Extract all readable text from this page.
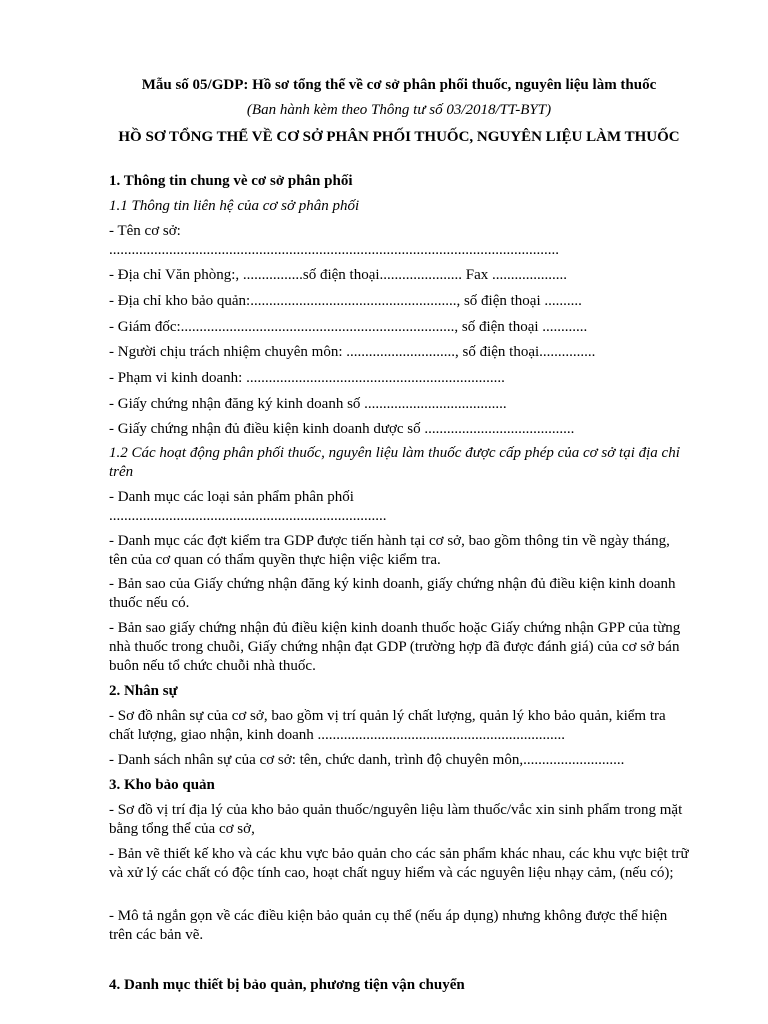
Mẫu số 05/GDP: Hồ sơ tổng thể về cơ sở phân phối thuốc, nguyên liệu làm thuốc

(Ban hành kèm theo Thông tư số 03/2018/TT-BYT)

HỒ SƠ TỔNG THỂ VỀ CƠ SỞ PHÂN PHỐI THUỐC, NGUYÊN LIỆU LÀM THUỐC

1. Thông tin chung vè cơ sở phân phối

1.1 Thông tin liên hệ của cơ sở phân phối

- Tên cơ sở:
........................................................................................................................

- Địa chỉ Văn phòng:, ................số điện thoại...................... Fax ....................

- Địa chỉ kho bảo quản:......................................................., số điện thoại ..........

- Giám đốc:........................................................................., số điện thoại ............

- Người chịu trách nhiệm chuyên môn: ............................., số điện thoại...............

- Phạm vi kinh doanh: .....................................................................

- Giấy chứng nhận đăng ký kinh doanh số ......................................

- Giấy chứng nhận đủ điều kiện kinh doanh dược số ........................................

1.2 Các hoạt động phân phối thuốc, nguyên liệu làm thuốc được cấp phép của cơ sở tại địa chỉ trên

- Danh mục các loại sản phẩm phân phối
..........................................................................

- Danh mục các đợt kiểm tra GDP được tiến hành tại cơ sở, bao gồm thông tin về ngày tháng, tên của cơ quan có thẩm quyền thực hiện việc kiểm tra.

- Bản sao của Giấy chứng nhận đăng ký kinh doanh, giấy chứng nhận đủ điều kiện kinh doanh thuốc nếu có.

- Bản sao giấy chứng nhận đủ điều kiện kinh doanh thuốc hoặc Giấy chứng nhận GPP của từng nhà thuốc trong chuỗi, Giấy chứng nhận đạt GDP (trường hợp đã được đánh giá) của cơ sở bán buôn nếu tổ chức chuỗi nhà thuốc.

2. Nhân sự

- Sơ đồ nhân sự của cơ sở, bao gồm vị trí quản lý chất lượng, quản lý kho bảo quản, kiểm tra chất lượng, giao nhận, kinh doanh ..................................................................

- Danh sách nhân sự của cơ sở: tên, chức danh, trình độ chuyên môn,...........................

3. Kho bảo quản

- Sơ đồ vị trí địa lý của kho bảo quản thuốc/nguyên liệu làm thuốc/vắc xin sinh phẩm trong mặt bằng tổng thể của cơ sở,

- Bản vẽ thiết kế kho và các khu vực bảo quản cho các sản phẩm khác nhau, các khu vực biệt trữ và xử lý các chất có độc tính cao, hoạt chất nguy hiểm và các nguyên liệu nhạy cảm, (nếu có);

- Mô tả ngắn gọn về các điều kiện bảo quản cụ thể (nếu áp dụng) nhưng không được thể hiện trên các bản vẽ.

4. Danh mục thiết bị bảo quản, phương tiện vận chuyển
